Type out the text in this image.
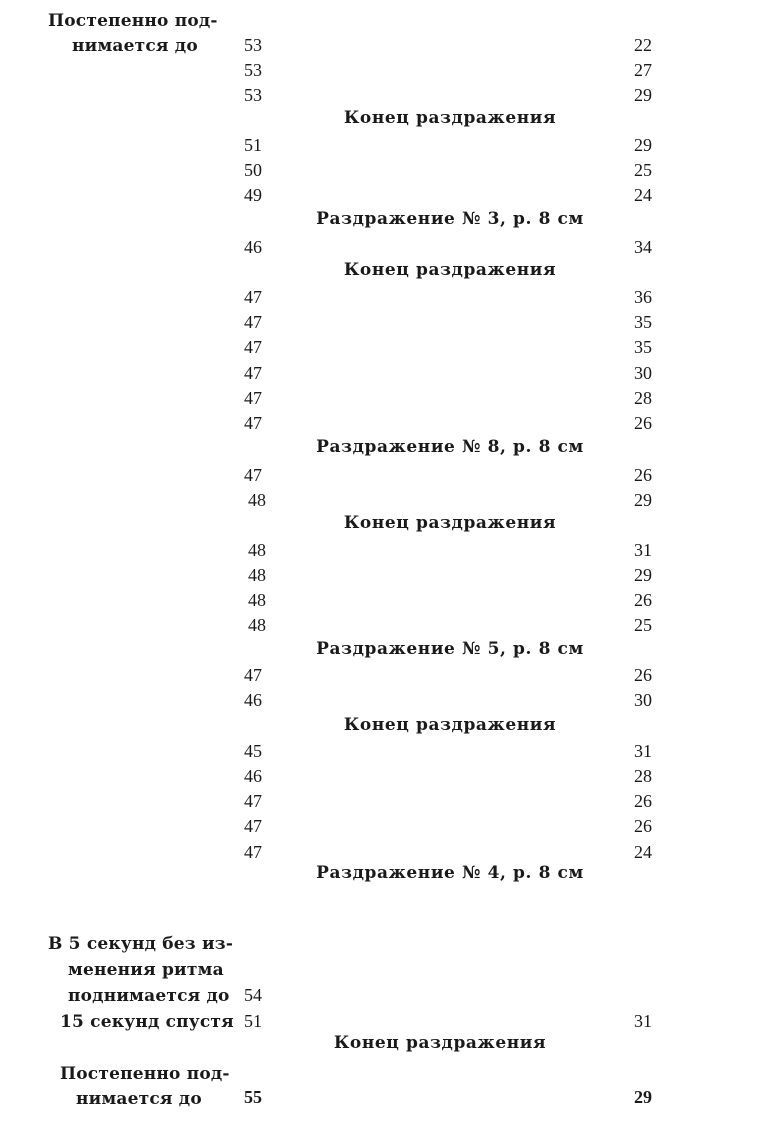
Постепенно под-
нимается до
В 5 секунд без из-
менения ритма
поднимается до
15 секунд спустя
Постепенно под-
нимается до
Конец раздражения
Раздражение № 3, р. 8 см
Конец раздражения
Раздражение № 8, р. 8 см
Конец раздражения
Раздражение № 5, р. 8 см
Конец раздражения
Раздражение № 4, р. 8 см
Конец раздражения
53
53
53
51
50
49
46
47
47
47
47
47
47
47
48
48
48
48
48
47
46
45
46
47
47
47
54
51
55
22
27
29
29
25
24
34
36
35
35
30
28
26
26
29
31
29
26
25
26
30
31
28
26
26
24
31
29
